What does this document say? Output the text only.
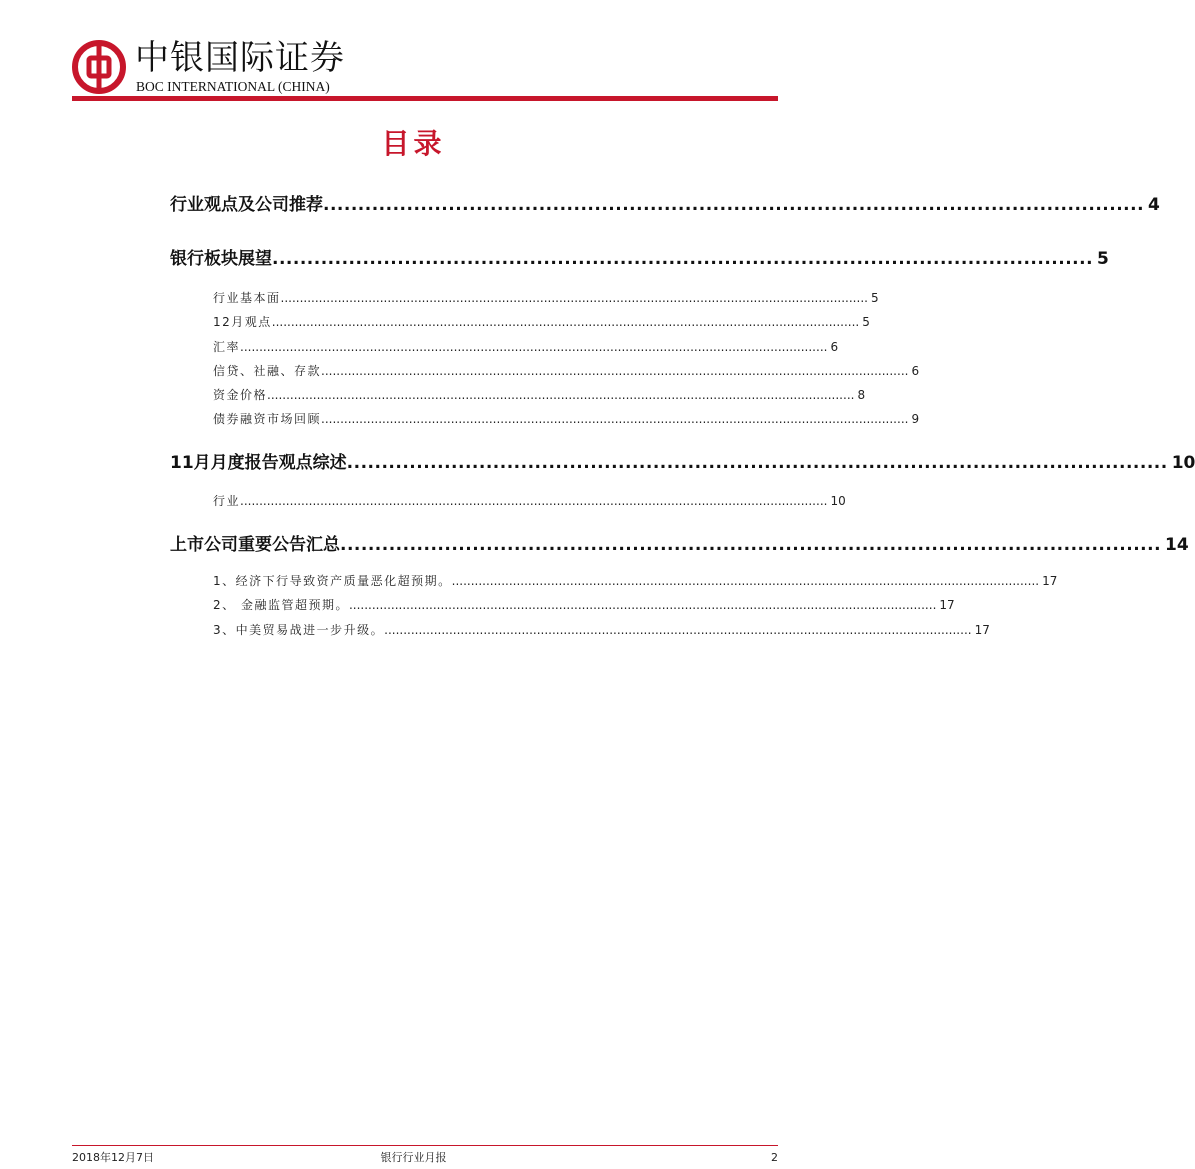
中银国际证券
BOC INTERNATIONAL (CHINA)
目录
行业观点及公司推荐 ...................................................................................................................... 4
银行板块展望 ...................................................................................................................... 5
行业基本面 .......................................................................................................................................................... 5
12月观点 .......................................................................................................................................................... 5
汇率 .......................................................................................................................................................... 6
信贷、社融、存款 .......................................................................................................................................................... 6
资金价格 .......................................................................................................................................................... 8
债券融资市场回顾 .......................................................................................................................................................... 9
11月月度报告观点综述 ...................................................................................................................... 10
行业 .......................................................................................................................................................... 10
上市公司重要公告汇总 ...................................................................................................................... 14
1、经济下行导致资产质量恶化超预期。 .......................................................................................................................................................... 17
2、 金融监管超预期。 .......................................................................................................................................................... 17
3、中美贸易战进一步升级。 .......................................................................................................................................................... 17
2018年12月7日	银行行业月报	2
